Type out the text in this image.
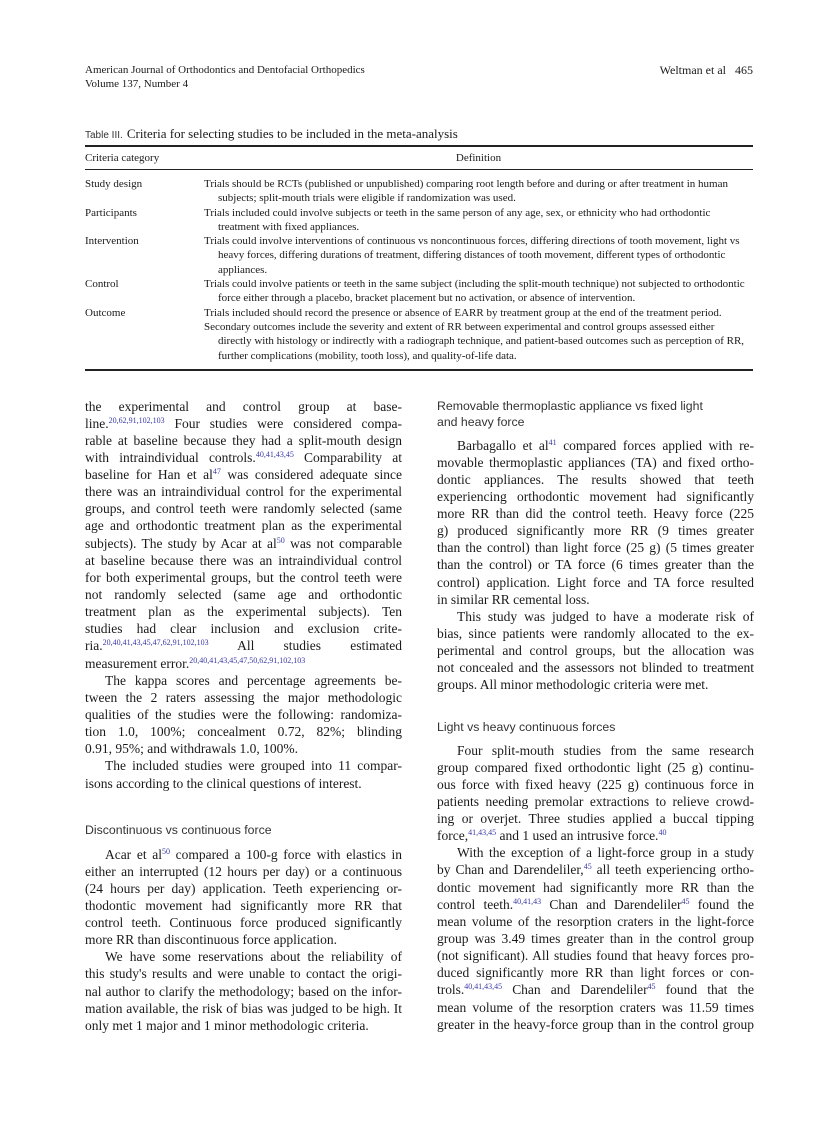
American Journal of Orthodontics and Dentofacial Orthopedics
Volume 137, Number 4
Weltman et al 465
Table III. Criteria for selecting studies to be included in the meta-analysis
Criteria category	Definition
Study design	Trials should be RCTs (published or unpublished) comparing root length before and during or after treatment in human
subjects; split-mouth trials were eligible if randomization was used.
Participants	Trials included could involve subjects or teeth in the same person of any age, sex, or ethnicity who had orthodontic
treatment with fixed appliances.
Intervention	Trials could involve interventions of continuous vs noncontinuous forces, differing directions of tooth movement, light vs
heavy forces, differing durations of treatment, differing distances of tooth movement, different types of orthodontic
appliances.
Control	Trials could involve patients or teeth in the same subject (including the split-mouth technique) not subjected to orthodontic
force either through a placebo, bracket placement but no activation, or absence of intervention.
Outcome	Trials included should record the presence or absence of EARR by treatment group at the end of the treatment period.
Secondary outcomes include the severity and extent of RR between experimental and control groups assessed either
directly with histology or indirectly with a radiograph technique, and patient-based outcomes such as perception of RR,
further complications (mobility, tooth loss), and quality-of-life data.
the experimental and control group at base-
line.$^{20,62,91,102,103}$ Four studies were considered compa-
rable at baseline because they had a split-mouth design
with intraindividual controls.$^{40,41,43,45}$ Comparability at
baseline for Han et $al^{47}$ was considered adequate since
there was an intraindividual control for the experimental
groups, and control teeth were randomly selected (same
age and orthodontic treatment plan as the experimental
subjects). The study by Acar at $al^{50}$ was not comparable
at baseline because there was an intraindividual control
for both experimental groups, but the control teeth were
not randomly selected (same age and orthodontic
treatment plan as the experimental subjects). Ten
studies had clear inclusion and exclusion crite-
ria.$^{20,40,41,43,45,47,62,91,102,103}$ All studies estimated
measurement error.$^{20,40,41,43,45,47,50,62,91,102,103}$
The kappa scores and percentage agreements be-
tween the 2 raters assessing the major methodologic
qualities of the studies were the following: randomiza-
tion 1.0, 100%; concealment 0.72, 82%; blinding
0.91, 95%; and withdrawals 1.0, 100%.
The included studies were grouped into 11 compar-
isons according to the clinical questions of interest.
Discontinuous vs continuous force
Acar et $al^{50}$ compared a 100-g force with elastics in
either an interrupted (12 hours per day) or a continuous
(24 hours per day) application. Teeth experiencing or-
thodontic movement had significantly more RR that
control teeth. Continuous force produced significantly
more RR than discontinuous force application.
We have some reservations about the reliability of
this study's results and were unable to contact the origi-
nal author to clarify the methodology; based on the infor-
mation available, the risk of bias was judged to be high. It
only met 1 major and 1 minor methodologic criteria.
Removable thermoplastic appliance vs fixed light
and heavy force
Barbagallo et $al^{41}$ compared forces applied with re-
movable thermoplastic appliances (TA) and fixed ortho-
dontic appliances. The results showed that teeth
experiencing orthodontic movement had significantly
more RR than did the control teeth. Heavy force (225
g) produced significantly more RR (9 times greater
than the control) than light force (25 g) (5 times greater
than the control) or TA force (6 times greater than the
control) application. Light force and TA force resulted
in similar RR cemental loss.
This study was judged to have a moderate risk of
bias, since patients were randomly allocated to the ex-
perimental and control groups, but the allocation was
not concealed and the assessors not blinded to treatment
groups. All minor methodologic criteria were met.
Light vs heavy continuous forces
Four split-mouth studies from the same research
group compared fixed orthodontic light (25 g) continu-
ous force with fixed heavy (225 g) continuous force in
patients needing premolar extractions to relieve crowd-
ing or overjet. Three studies applied a buccal tipping
force,$^{41,43,45}$ and 1 used an intrusive force.$^{40}$
With the exception of a light-force group in a study
by Chan and Darendeliler,$^{45}$ all teeth experiencing ortho-
dontic movement had significantly more RR than the
control teeth.$^{40,41,43}$ Chan and Darendeliler$^{45}$ found the
mean volume of the resorption craters in the light-force
group was 3.49 times greater than in the control group
(not significant). All studies found that heavy forces pro-
duced significantly more RR than light forces or con-
trols.$^{40,41,43,45}$ Chan and Darendeliler$^{45}$ found that the
mean volume of the resorption craters was 11.59 times
greater in the heavy-force group than in the control group
